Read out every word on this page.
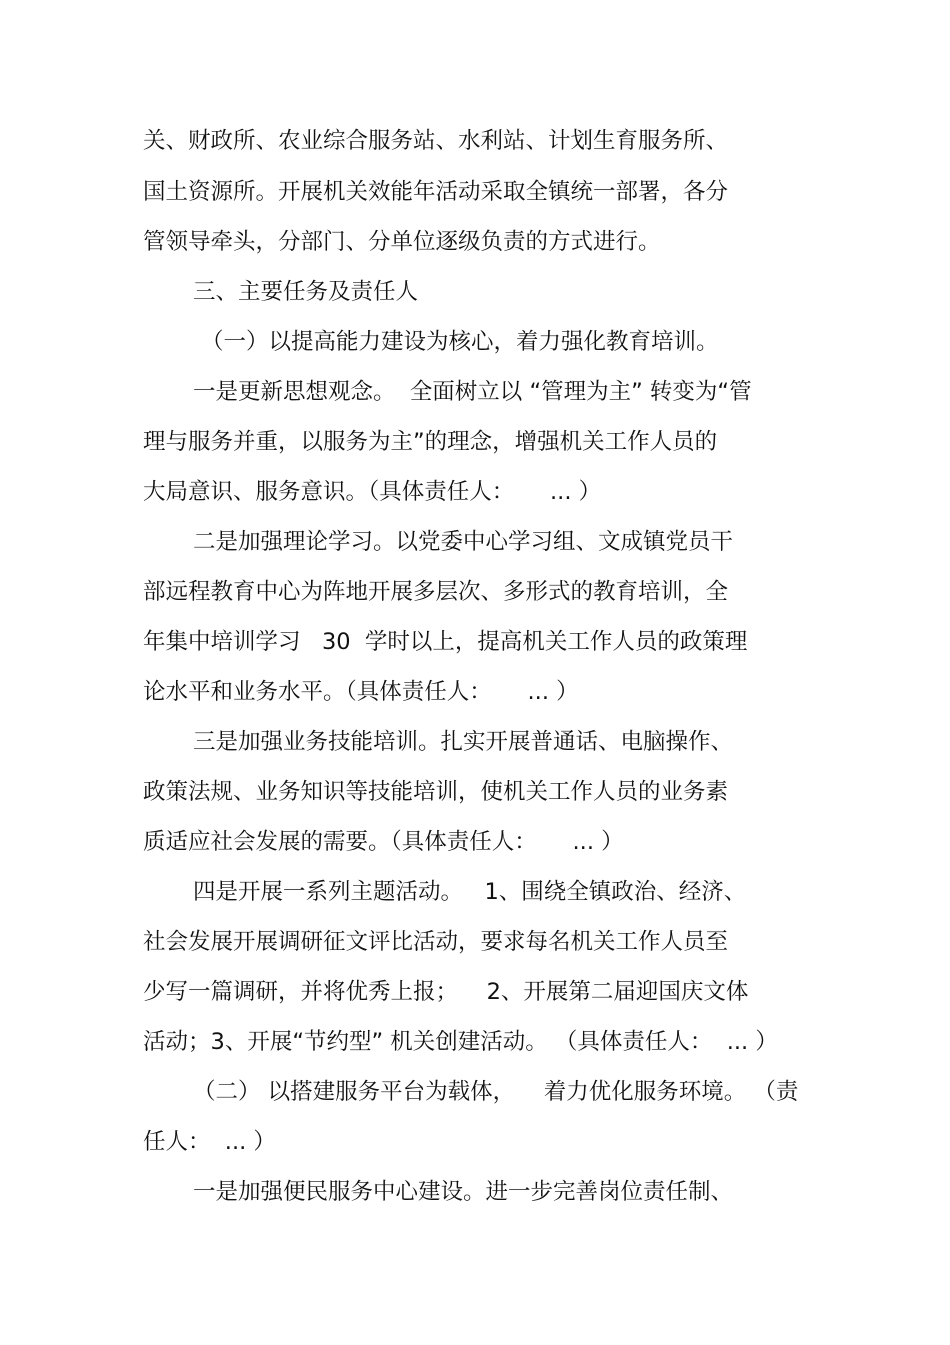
关、财政所、农业综合服务站、水利站、计划生育服务所、
国土资源所。开展机关效能年活动采取全镇统一部署，各分
管领导牵头，分部门、分单位逐级负责的方式进行。
三、主要任务及责任人
（一）以提高能力建设为核心，着力强化教育培训。
一是更新思想观念。  全面树立以 “管理为主” 转变为“管
理与服务并重，以服务为主”的理念，增强机关工作人员的
大局意识、服务意识。（具体责任人：     ... ）
二是加强理论学习。以党委中心学习组、文成镇党员干
部远程教育中心为阵地开展多层次、多形式的教育培训，全
年集中培训学习   30  学时以上，提高机关工作人员的政策理
论水平和业务水平。（具体责任人：     ... ）
三是加强业务技能培训。扎实开展普通话、电脑操作、
政策法规、业务知识等技能培训，使机关工作人员的业务素
质适应社会发展的需要。（具体责任人：     ... ）
四是开展一系列主题活动。   1、围绕全镇政治、经济、
社会发展开展调研征文评比活动，要求每名机关工作人员至
少写一篇调研，并将优秀上报；    2、开展第二届迎国庆文体
活动；3、开展“节约型” 机关创建活动。 （具体责任人：  ... ）
（二） 以搭建服务平台为载体，    着力优化服务环境。 （责
任人：  ... ）
一是加强便民服务中心建设。进一步完善岗位责任制、
